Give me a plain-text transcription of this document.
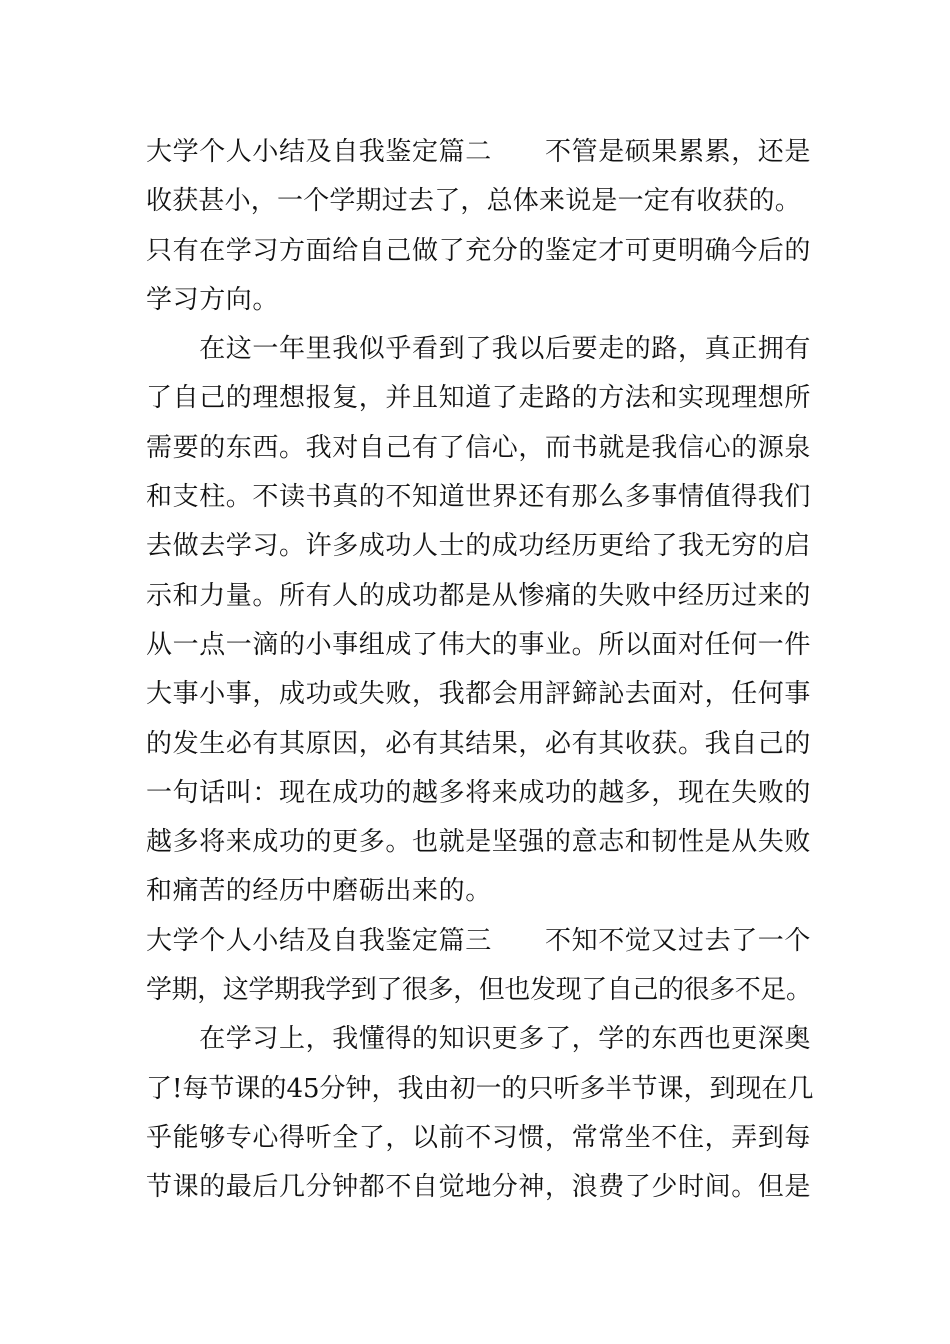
大学个人小结及自我鉴定篇二　　不管是硕果累累，还是
收获甚小，一个学期过去了，总体来说是一定有收获的。
只有在学习方面给自己做了充分的鉴定才可更明确今后的
学习方向。
　　在这一年里我似乎看到了我以后要走的路，真正拥有
了自己的理想报复，并且知道了走路的方法和实现理想所
需要的东西。我对自己有了信心，而书就是我信心的源泉
和支柱。不读书真的不知道世界还有那么多事情值得我们
去做去学习。许多成功人士的成功经历更给了我无穷的启
示和力量。所有人的成功都是从惨痛的失败中经历过来的
从一点一滴的小事组成了伟大的事业。所以面对任何一件
大事小事，成功或失败，我都会用評鍗訫去面对，任何事
的发生必有其原因，必有其结果，必有其收获。我自己的
一句话叫：现在成功的越多将来成功的越多，现在失败的
越多将来成功的更多。也就是坚强的意志和韧性是从失败
和痛苦的经历中磨砺出来的。
大学个人小结及自我鉴定篇三　　不知不觉又过去了一个
学期，这学期我学到了很多，但也发现了自己的很多不足。
　　在学习上，我懂得的知识更多了，学的东西也更深奥
了!每节课的45分钟，我由初一的只听多半节课，到现在几
乎能够专心得听全了，以前不习惯，常常坐不住，弄到每
节课的最后几分钟都不自觉地分神，浪费了少时间。但是
